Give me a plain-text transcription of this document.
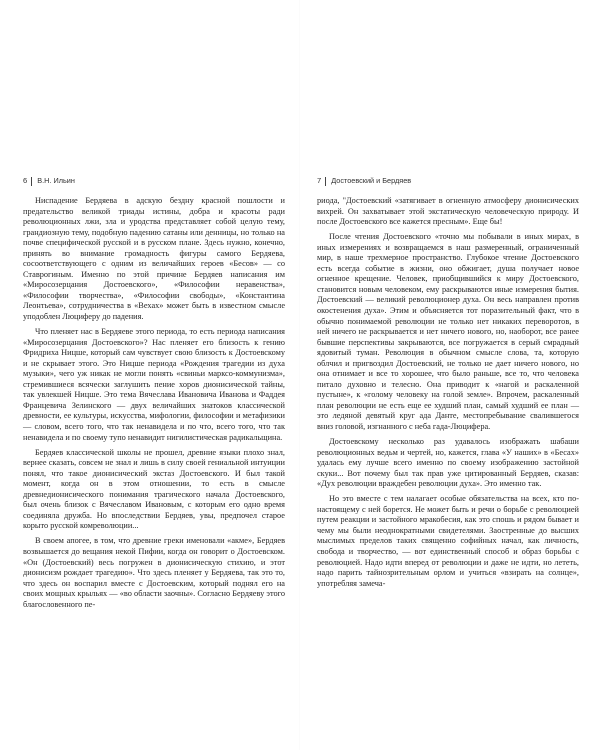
6 В.Н. Ильин

Ниспадение Бердяева в адскую бездну красной пошлости и предательство великой триады истины, добра и красоты ради революционных лжи, зла и уродства представляет собой целую тему, грандиозную тему, подобную падению сатаны или денницы, но только на почве специфической русской и в русском плане. Здесь нужно, конечно, принять во внимание громадность фигуры самого Бердяева, сосоответствующего с одним из величайших героев «Бесов» — со Ставрогиным. Именно по этой причине Бердяев написания им «Миросозерцания Достоевского», «Философии неравенства», «Философии творчества», «Философии свободы», «Константина Леонтьева», сотрудничества в «Вехах» может быть в известном смысле уподоблен Люциферу до падения.

Что пленяет нас в Бердяеве этого периода, то есть периода написания «Миросозерцания Достоевского»? Нас пленяет его близость к гению Фридриха Ницше, который сам чувствует свою близость к Достоевскому и не скрывает этого. Это Ницше периода «Рождения трагедии из духа музыки», чего уж никак не могли понять «свиньи марксо-коммунизма», стремившиеся всячески заглушить пение хоров дионисической тайны, так увлекшей Ницше. Это тема Вячеслава Ивановича Иванова и Фаддея Францевича Зелинского — двух величайших знатоков классической древности, ее культуры, искусства, мифологии, философии и метафизики — словом, всего того, что так ненавидела и по что, всего того, что так ненавидела и по своему тупо ненавидит нигилистическая радикальщина.

Бердяев классической школы не прошел, древние языки плохо знал, вернее сказать, совсем не знал и лишь в силу своей гениальной интуиции понял, что такое дионисический экстаз Достоевского. И был такой момент, когда он в этом отношении, то есть в смысле древнедионисического понимания трагического начала Достоевского, был очень близок с Вячеславом Ивановым, с которым его одно время соединяла дружба. Но впоследствии Бердяев, увы, предпочел старое корыто русской комреволюции...

В своем апогее, в том, что древние греки именовали «акме», Бердяев возвышается до вещания некой Пифии, когда он говорит о Достоевском. «Он (Достоевский) весь погружен в дионисическую стихию, и этот дионисизм рождает трагедию». Что здесь пленяет у Бердяева, так это то, что здесь он воспарил вместе с Достоевским, который поднял его на своих мощных крыльях — «во области заочны». Согласно Бердяеву этого благословенного пе-

7 Достоевский и Бердяев

риода, "Достоевский «затягивает в огненную атмосферу дионисических вихрей. Он захватывает этой экстатическую человеческую природу. И после Достоевского все кажется пресным». Еще бы!

После чтения Достоевского «точно мы побывали в иных мирах, в иных измерениях и возвращаемся в наш размеренный, ограниченный мир, в наше трехмерное пространство. Глубокое чтение Достоевского есть всегда событие в жизни, оно обжигает, душа получает новое огненное крещение. Человек, приобщившийся к миру Достоевского, становится новым человеком, ему раскрываются иные измерения бытия. Достоевский — великий революционер духа. Он весь направлен против окостенения духа». Этим и объясняется тот поразительный факт, что в обычно понимаемой революции не только нет никаких переворотов, в ней ничего не раскрывается и нет ничего нового, но, наоборот, все ранее бывшие перспективы закрываются, все погружается в серый смрадный ядовитый туман. Революция в обычном смысле слова, та, которую облчил и пригвоздил Достоевский, не только не дает ничего нового, но она отнимает и все то хорошее, что было раньше, все то, что человека питало духовно и телесно. Она приводит к «нагой и раскаленной пустыне», к «голому человеку на голой земле». Впрочем, раскаленный план революции не есть еще ее худший план, самый худший ее план — это ледяной девятый круг ада Данте, местопребывание свалившегося вниз головой, изгнанного с неба гада-Люцифера.

Достоевскому несколько раз удавалось изображать шабаши революционных ведьм и чертей, но, кажется, глава «У наших» в «Бесах» удалась ему лучше всего именно по своему изображению застойной скуки... Вот почему был так прав уже цитированный Бердяев, сказав: «Дух революции враждебен революции духа». Это именно так.

Но это вместе с тем налагает особые обязательства на всех, кто по-настоящему с ней борется. Не может быть и речи о борьбе с революцией путем реакции и застойного мракобесия, как это спошь и рядом бывает и чему мы были неоднократными свидетелями. Заостренные до высших мыслимых пределов таких священно софийных начал, как личность, свобода и творчество, — вот единственный способ и образ борьбы с революцией. Надо идти вперед от революции и даже не идти, но лететь, надо парить тайнозрительным орлом и учиться «взирать на солнце», употребляя замеча-
